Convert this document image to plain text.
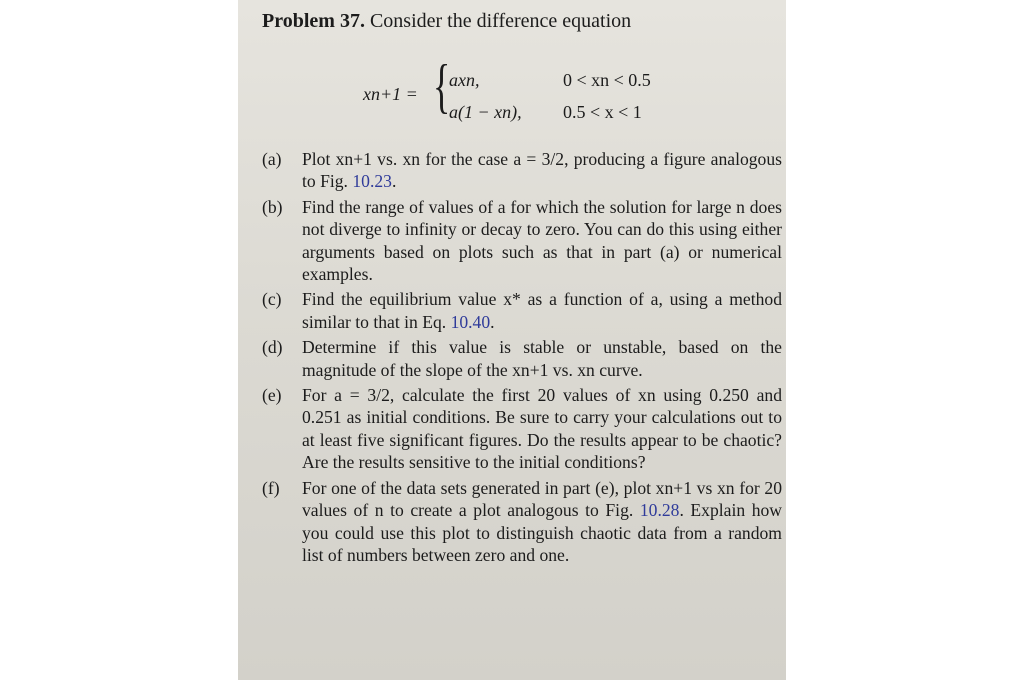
Problem 37. Consider the difference equation
xn+1 = {
axn,	0 < xn < 0.5
a(1 − xn), 0.5 < x < 1
(a) Plot xn+1 vs. xn for the case a = 3/2, producing a figure analogous to Fig. 10.23.
(b) Find the range of values of a for which the solution for large n does not diverge to infinity or decay to zero. You can do this using either arguments based on plots such as that in part (a) or numerical examples.
(c) Find the equilibrium value x* as a function of a, using a method similar to that in Eq. 10.40.
(d) Determine if this value is stable or unstable, based on the magnitude of the slope of the xn+1 vs. xn curve.
(e) For a = 3/2, calculate the first 20 values of xn using 0.250 and 0.251 as initial conditions. Be sure to carry your calculations out to at least five significant figures. Do the results appear to be chaotic? Are the results sensitive to the initial conditions?
(f) For one of the data sets generated in part (e), plot xn+1 vs xn for 20 values of n to create a plot analogous to Fig. 10.28. Explain how you could use this plot to distinguish chaotic data from a random list of numbers between zero and one.
